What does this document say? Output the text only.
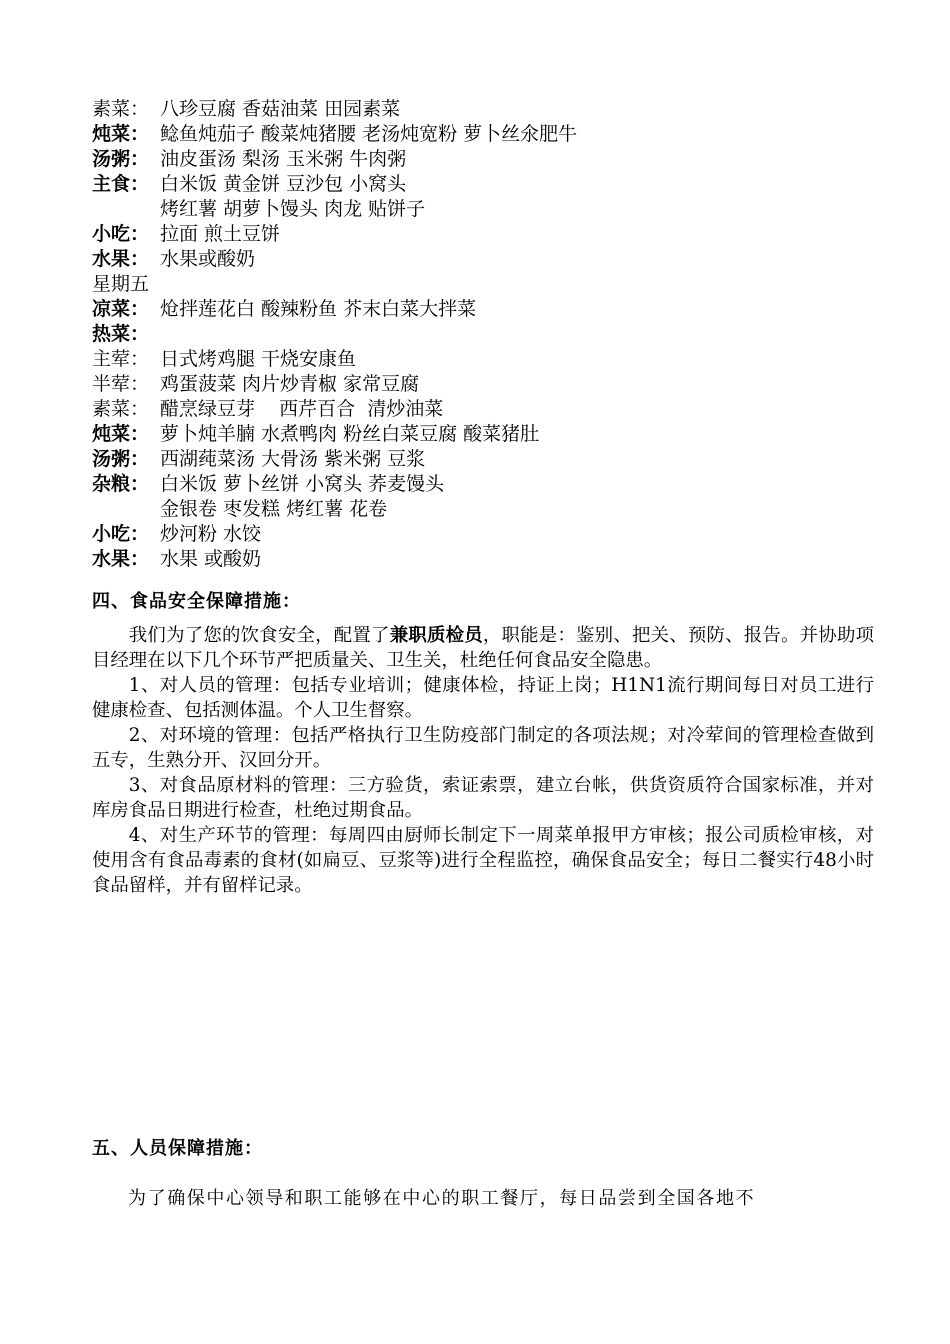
素菜： 八珍豆腐 香菇油菜 田园素菜
炖菜： 鲶鱼炖茄子 酸菜炖猪腰 老汤炖宽粉 萝卜丝氽肥牛
汤粥： 油皮蛋汤 梨汤 玉米粥 牛肉粥
主食： 白米饭 黄金饼 豆沙包 小窝头
烤红薯 胡萝卜馒头 肉龙 贴饼子
小吃： 拉面 煎土豆饼
水果： 水果或酸奶
星期五
凉菜： 炝拌莲花白 酸辣粉鱼 芥末白菜大拌菜
热菜：
主荤： 日式烤鸡腿 干烧安康鱼
半荤： 鸡蛋菠菜 肉片炒青椒 家常豆腐
素菜： 醋烹绿豆芽    西芹百合  清炒油菜
炖菜： 萝卜炖羊腩 水煮鸭肉 粉丝白菜豆腐 酸菜猪肚
汤粥： 西湖莼菜汤 大骨汤 紫米粥 豆浆
杂粮： 白米饭 萝卜丝饼 小窝头 荞麦馒头
金银卷 枣发糕 烤红薯 花卷
小吃： 炒河粉 水饺
水果： 水果 或酸奶
四、食品安全保障措施：

我们为了您的饮食安全，配置了兼职质检员，职能是：鉴别、把关、预防、报告。并协助项目经理在以下几个环节严把质量关、卫生关，杜绝任何食品安全隐患。

1、对人员的管理：包括专业培训；健康体检，持证上岗；H1N1流行期间每日对员工进行健康检查、包括测体温。个人卫生督察。

2、对环境的管理：包括严格执行卫生防疫部门制定的各项法规；对冷荤间的管理检查做到五专，生熟分开、汉回分开。

3、对食品原材料的管理：三方验货，索证索票，建立台帐，供货资质符合国家标准，并对库房食品日期进行检查，杜绝过期食品。

4、对生产环节的管理：每周四由厨师长制定下一周菜单报甲方审核；报公司质检审核，对使用含有食品毒素的食材(如扁豆、豆浆等)进行全程监控，确保食品安全；每日二餐实行48小时食品留样，并有留样记录。

五、人员保障措施：
为了确保中心领导和职工能够在中心的职工餐厅，每日品尝到全国各地不
